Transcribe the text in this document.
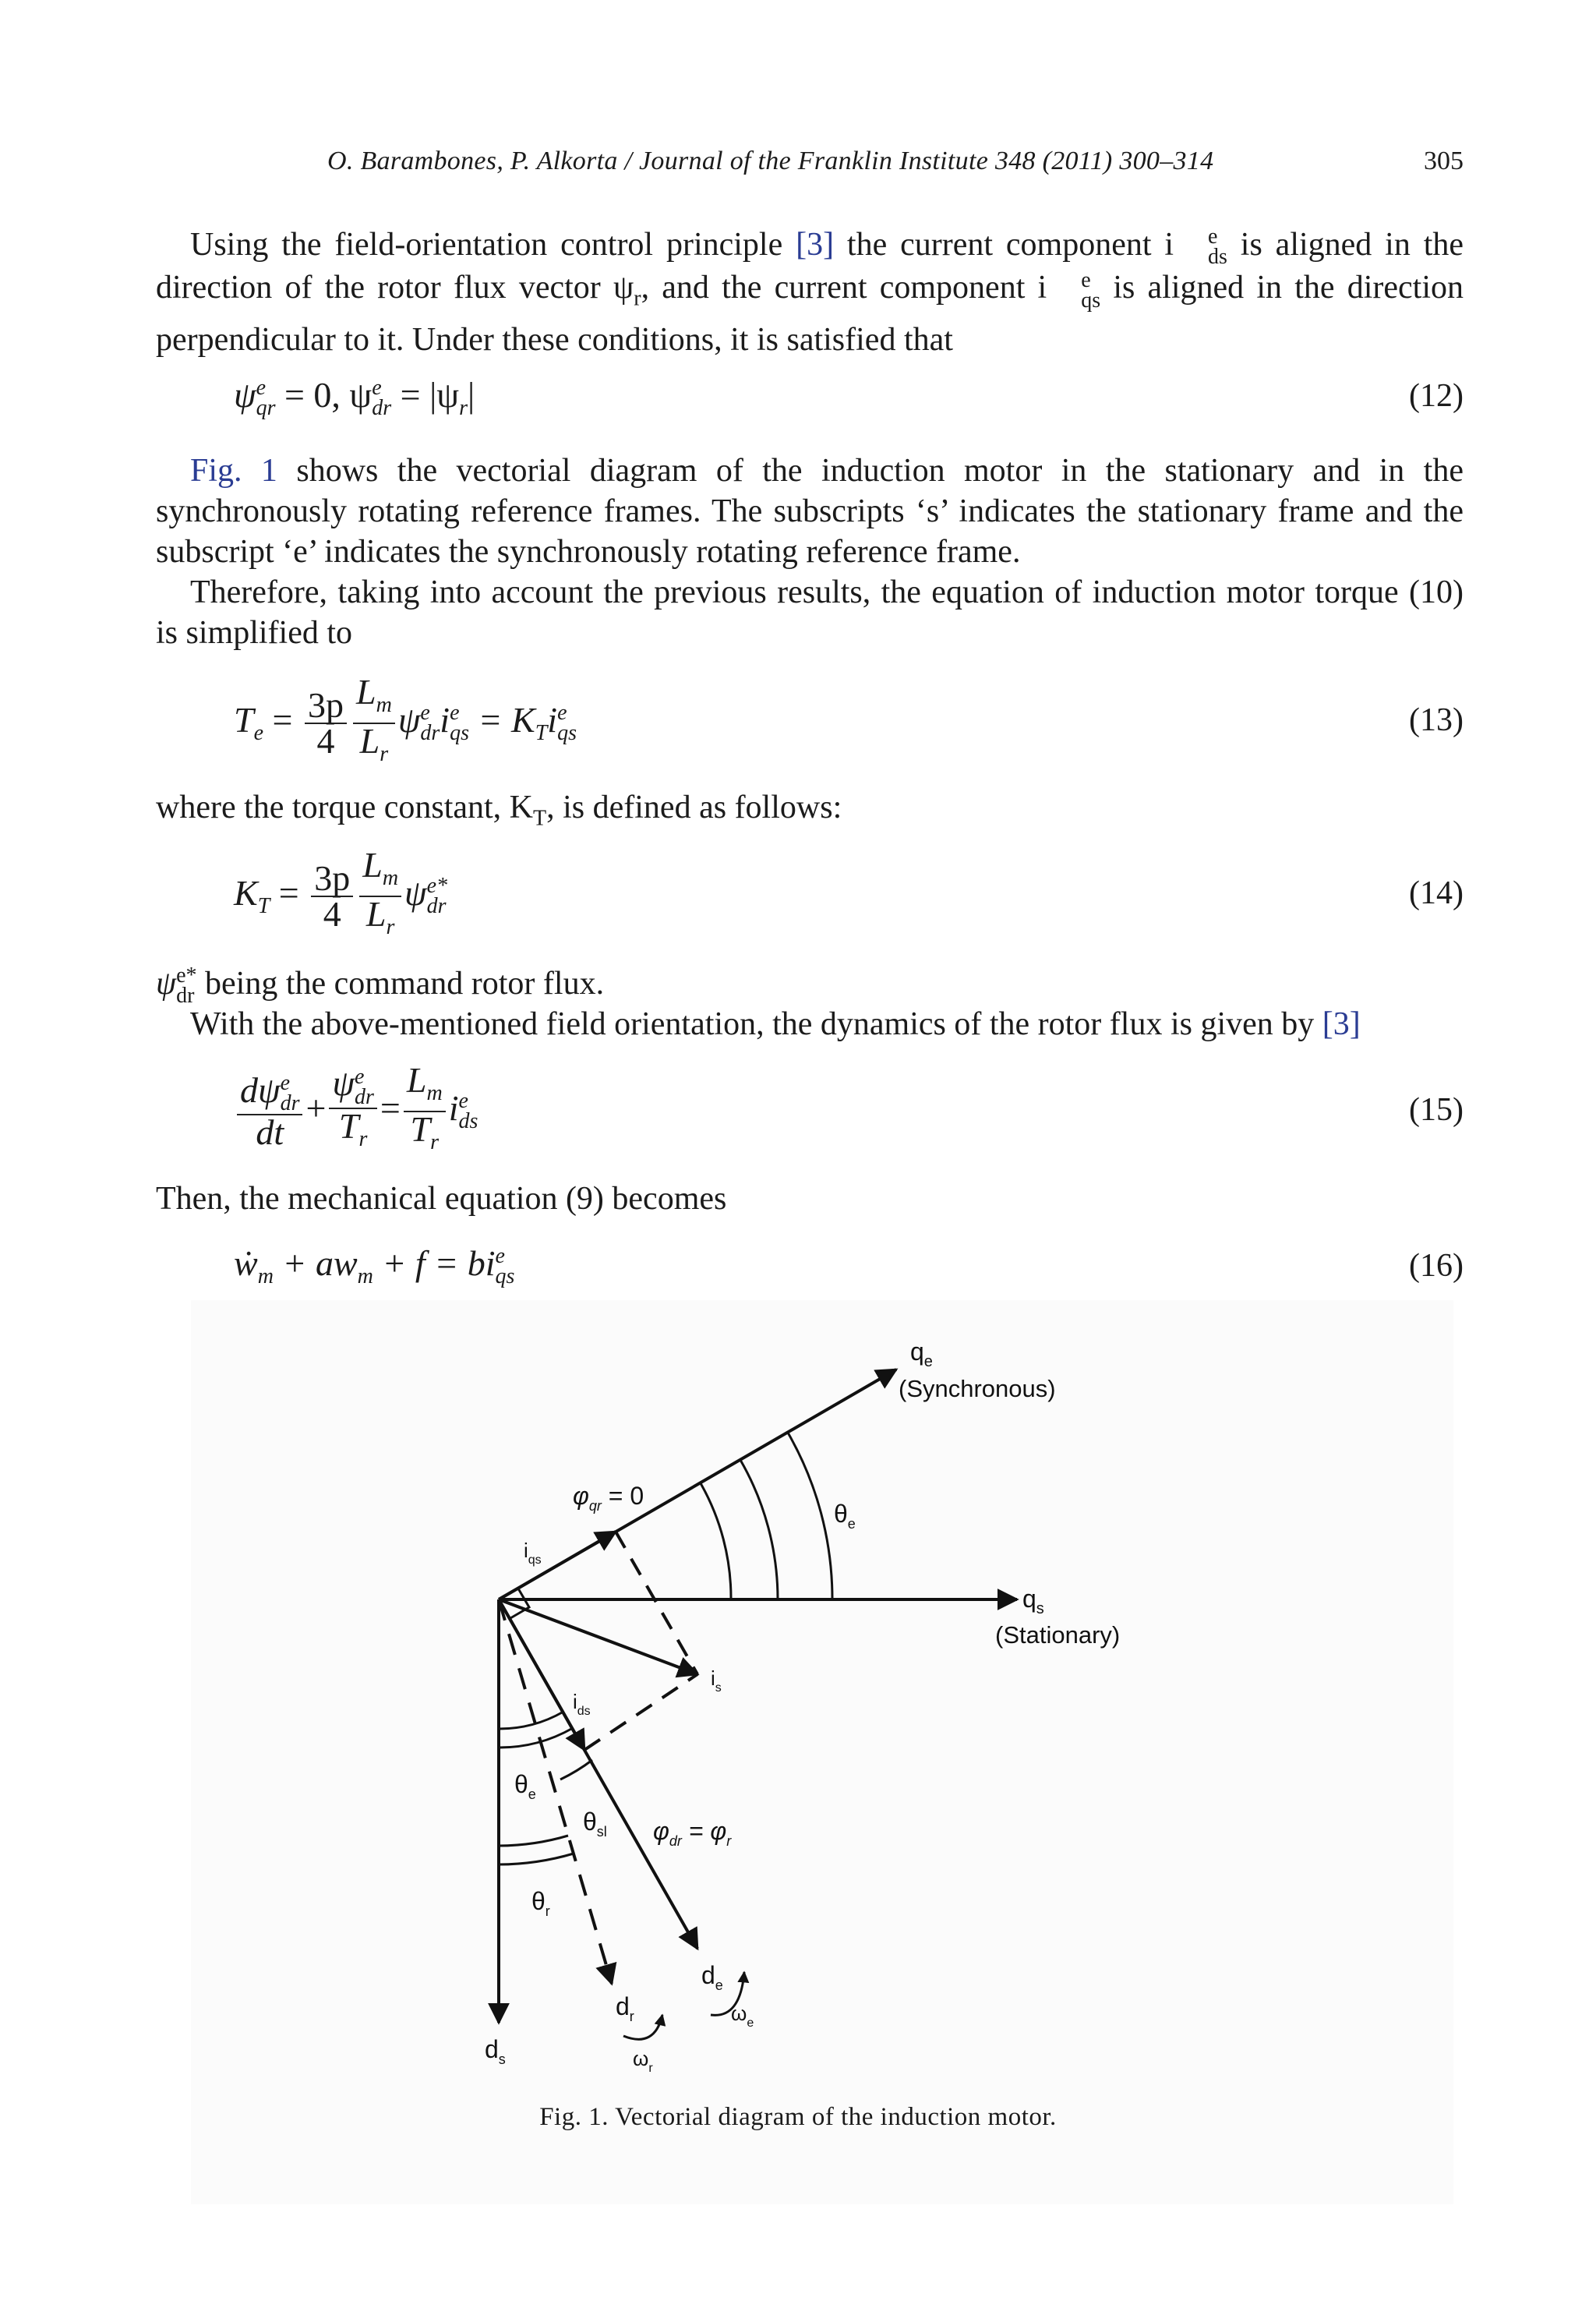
O. Barambones, P. Alkorta / Journal of the Franklin Institute 348 (2011) 300–314	305
Using the field-orientation control principle [3] the current component i	e
ds is aligned in the direction of the rotor flux vector $\psi_r$, and the current component i	e
qs is aligned in the direction perpendicular to it. Under these conditions, it is satisfied that
ψ e
qr = 0, ψ e
dr = $|\psi_r|$	(12)
Fig. 1 shows the vectorial diagram of the induction motor in the stationary and in the synchronously rotating reference frames. The subscripts ‘s’ indicates the stationary frame and the subscript ‘e’ indicates the synchronously rotating reference frame.
Therefore, taking into account the previous results, the equation of induction motor torque (10) is simplified to
$T_e = \frac{3p}{4} \frac{L_m}{L_r}$ ψ e
dr i e
qs = $K_Ti$ e
qs	(13)
where the torque constant, $K_T$, is defined as follows:
$K_T = \frac{3p}{4} \frac{L_m}{L_r}$ ψ e*
dr	(14)
ψ e*
dr being the command rotor flux.
With the above-mentioned field orientation, the dynamics of the rotor flux is given by [3]
dψ e
dr
dt + ψ e
dr
$T_r = \frac{L_m}{T_r}$ i e
ds	(15)
Then, the mechanical equation (9) becomes
ẇ$_m$ + $aw_m + f$ = bi e
qs	(16)
$q_e$
(Synchronous)
$q_s$
(Stationary)
$\varphi_{qr} = 0$
$\theta_e$
$i_{qs}$
$i_s$
$i_{ds}$
$\theta_e$
$\theta_{sl}$ $\varphi_{dr} = \varphi_r$
$\theta_r$
$d_e$
$\omega_e$
$d_r$
$\omega_r$
$d_s$
Fig. 1. Vectorial diagram of the induction motor.
